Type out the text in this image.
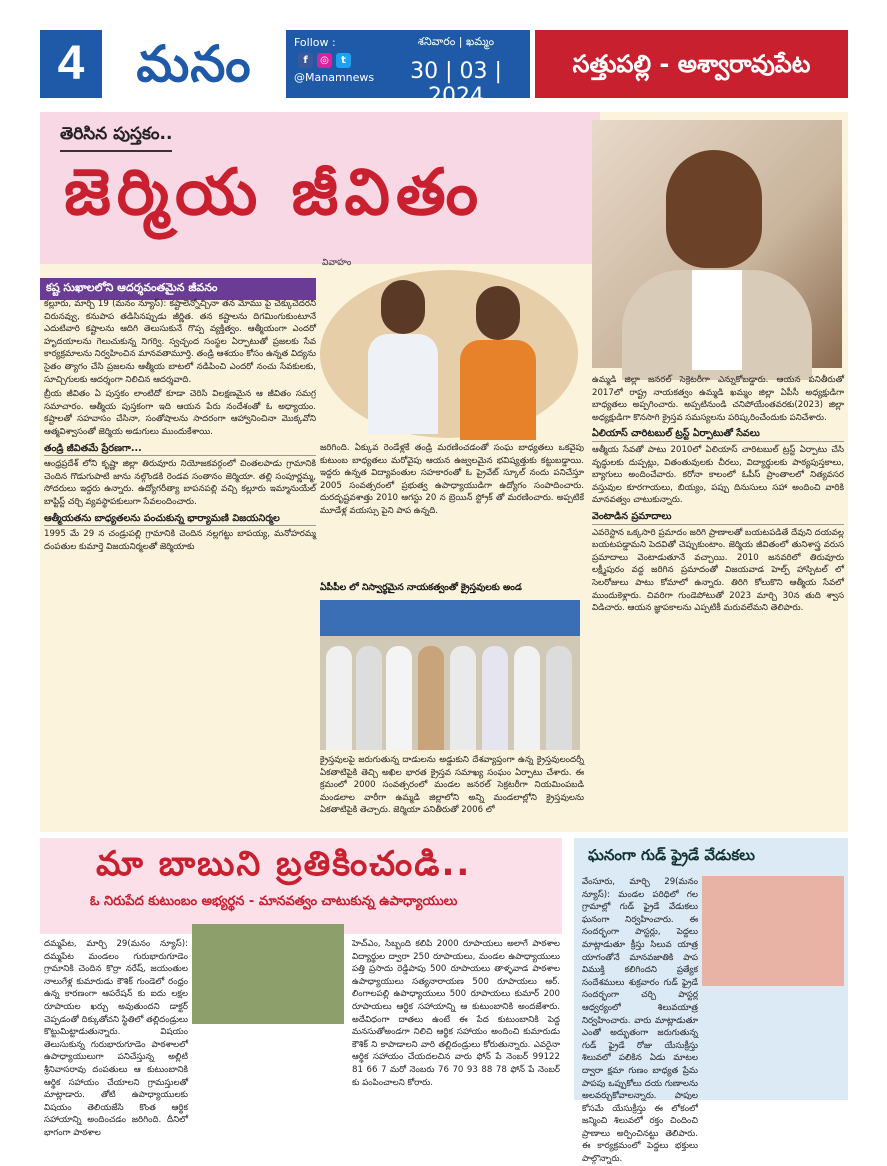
4	మనం	Follow :
f	◎	t
@Manamnews
శనివారం | ఖమ్మం
30 | 03 | 2024
సత్తుపల్లి - అశ్వారావుపేట
తెరిసిన పుస్తకం..
జెర్మియ జీవితం
వివాహం
కష్ట సుఖాలలోని ఆదర్శవంతమైన జీవనం

కల్లూరు, మార్చి 19 (మనం న్యూస్): కష్టాలెన్నోచ్చినా తన మోము పై చెక్కుచెదరని చిరునవ్వు, కనుపాప తడిసినప్పుడు జీర్ణిత. తన కష్టాలను దిగమింగుకుంటూనే ఎదుటివారి కష్టాలను ఆదిగి తెలుసుకునే గొప్ప వ్యక్తిత్వం. ఆత్మీయంగా ఎందరో హృదయాలను గెలుచుకున్న నిగర్వి. స్వచ్ఛంద సంస్థల ఏర్పాటుతో ప్రజలకు సేవ కార్యక్రమాలను నిర్వహించిన మానవతామూర్తి. తండ్రి ఆశయం కోసం ఉన్నత విద్యను సైతం త్యాగం చేసి ప్రజలను ఆత్మీయ బాటలో నడిపించి ఎందరో నంచు సేవకులకు, సూచ్చిగులకు ఆదర్శంగా నిలిచిన ఆదర్శవాది.

బ్రీయ జీవితం ఏ పుస్తకం లాంటిదో కూడా చెరిసి విలక్షణమైన ఆ జీవితం సమగ్ర సమాచారం. ఆత్మీయ పుస్తకంగా ఇది ఆయన పేరు నందేశంతో ఓ అధ్యాయం. కష్టాలతో సహవాసం చేసినా, సంతోషాలను సాదరంగా ఆహ్వానించినా మొక్కవోని ఆత్మవిశ్వాసంతో జెర్మియ అడుగులు ముందుకేశాయి.

తండ్రి జీవితమే ప్రేరణగా...

ఆంధ్రప్రదేశ్ లోని కృష్ణా జిల్లా తిరువూరు నియోజకవర్గంలో చింతలపాడు గ్రామానికి చెందిన గొడుగుపాటి జాను నల్గొండకి రెండవ సంతానం జెర్మియా. తల్లి సంపూర్ణమ్మ, సోదరులు ఇద్దరు ఉన్నారు. ఉద్యోగరీత్యా బాపనపల్లి వచ్చి కల్లూరు ఇమ్మానుయేల్ బాప్టిస్ట్ చర్చి వ్యవస్థాపకులుగా సేవలందించారు.

ఆత్మీయతను బాధ్యతలను పంచుకున్న భార్యామణి విజయనిర్మల

1995 మే 29 న చండ్రుపల్లి గ్రామానికి చెందిన నల్లగట్టు బాపయ్య, మనోహరమ్మ దంపతుల కుమార్తె విజయనిర్మలతో జెర్మియాకు

జరిగింది. ఏక్కువ రెండేళ్లకే తండ్రి మరణించడంతో సంఘ బాధ్యతలు ఒకవైపు కుటుంబ బాధ్యతలు మరోవైపు ఆయన ఉజ్వలమైన భవిష్యత్తుకు కట్టుబడ్డాయి. ఇద్దరు ఉన్నత విద్యావంతుల సహకారంతో ఓ ప్రైవేట్ స్కూల్ నందు పనిచేస్తూ 2005 సంవత్సరంలో ప్రభుత్వ ఉపాధ్యాయుడిగా ఉద్యోగం సంపాదించారు. దురదృష్టవశాత్తు 2010 ఆగస్టు 20 న బ్రెయిన్ స్ట్రోక్ తో మరణించారు. అప్పటికే మూడేళ్ల వయస్సు పైని పాప ఉన్నది.

ఏపీపీల లో నిస్వార్థమైన నాయకత్వంతో క్రైస్తవులకు అండ

క్రైస్తవులపై జరుగుతున్న దాడులను అడ్డుకుని దేశవ్యాప్తంగా ఉన్న క్రైస్తవులందర్నీ ఏకతాటిపైకి తెచ్చి అఖిల భారత క్రైస్తవ సమాఖ్య సంఘం ఏర్పాటు చేశారు. ఈ క్రమంలో 2000 సంవత్సరంలో మండల జనరల్ సెక్రటరీగా నియమింపబడి మండలాల వారీగా ఉమ్మడి జిల్లాలోని అన్ని మండలాల్లోని క్రైస్తవులను ఏకతాటిపైకి తెచ్చారు. జెర్మియా పనితీరుతో 2006 లో

ఉమ్మడి జిల్లా జనరల్ సెక్రెటరీగా ఎన్నుకోబడ్డారు. ఆయన పనితీరుతో 2017లో రాష్ట్ర నాయకత్వం ఉమ్మడి ఖమ్మం జిల్లా ఏపీసీ అధ్యక్షుడిగా బాధ్యతలు అప్పగించారు. అప్పటినుండి చనిపోయేంతవరకు(2023) జిల్లా అధ్యక్షుడిగా కొనసాగి క్రైస్తవ సమస్యలను పరిష్కరించేందుకు పనిచేశారు.

ఏలియాస్ చారిటబుల్ ట్రస్ట్ ఏర్పాటుతో సేవలు

ఆత్మీయ సేవతో పాటు 2010లో ఏలియాస్ చారిటబుల్ ట్రస్ట్ ఏర్పాటు చేసి వృద్ధులకు దుప్పట్లు, వితంతువులకు చీరలు, విద్యార్థులకు పాఠ్యపుస్తకాలు, బ్యాగులు అందించేవారు. కరోనా కాలంలో ఓపీస్ ప్రాంతాలలో నిత్యవసర వస్తువుల కూరగాయలు, బియ్యం, పప్పు దినుసులు సహా అందించి వారికి మానవత్వం చాటుకున్నారు.

వెంటాడిన ప్రమాదాలు

ఎవరెస్టాన ఒక్కసారి ప్రమాదం జరిగి ప్రాణాలతో బయటపడితే దేవుని దయవల్ల బయటపడ్డామని పెదవితో చెప్పుకుంటాం. జెర్మియ జీవితంలో తునిశాస్త్ర వరుస ప్రమాదాలు వెంటాడుతూనే వచ్చాయి. 2010 జనవరిలో తిరువూరు లక్ష్మీపురం వద్ద జరిగిన ప్రమాదంతో విజయవాడ హెల్ప్ హాస్పిటల్ లో సెలరోజులు పాటు కోమాలో ఉన్నారు. తిరిగి కోలుకొని ఆత్మీయ సేవలో ముందుకెళ్లారు. చివరిగా గుండెపోటుతో 2023 మార్చి 30న తుది శ్వాస విడిచారు. ఆయన జ్ఞాపకాలను ఎప్పటికీ మరువలేమని తెలిపారు.

మా బాబుని బ్రతికించండి..
ఓ నిరుపేద కుటుంబం అభ్యర్థన - మానవత్వం చాటుకున్న ఉపాధ్యాయులు

దమ్మపేట, మార్చి 29(మనం న్యూస్): దమ్మపేట మండలం గురుభారుగూడెం గ్రామానికి చెందిన కొర్రా నరేష్, జయంతుల నాలుగేళ్ల కుమారుడు కౌశిక్ గుండెలో రంధ్రం ఉన్న కారణంగా ఆపరేషన్ కు ఐదు లక్షల రూపాయల ఖర్చు అవుతుందని డాక్టర్ చెప్పడంతో దిక్కుతోచని స్థితిలో తల్లిదండ్రులు కొట్టుమిట్టాడుతున్నారు. విషయం తెలుసుకున్న గురుభారుగూడెం పాఠశాలలో ఉపాధ్యాయులుగా పనిచేస్తున్న అల్లిటి శ్రీనివాసరావు దంపతులు ఆ కుటుంబానికి ఆర్థిక సహాయం చేయాలని గ్రామస్తులతో మాట్లాడారు. తోటి ఉపాధ్యాయులకు విషయం తెలియజేసి కొంత ఆర్థిక సహాయాన్ని అందించడం జరిగింది. దీనిలో భాగంగా పాఠశాల

హెచ్ఎం, సిబ్బంది కలిపి 2000 రూపాయలు అలాగే పాఠశాల విద్యార్థుల ద్వారా 250 రూపాయలు, మండల ఉపాధ్యాయులు పత్తి ప్రసాదు రెడ్డిపాపు 500 రూపాయలు తాళ్ళవాడ పాఠశాల ఉపాధ్యాయులు సత్యనారాయణ 500 రూపాయలు ఆర్. లింగాలపల్లి ఉపాధ్యాయులు 500 రూపాయలు కుమార్ 200 రూపాయలు ఆర్థిక సహాయాన్ని ఆ కుటుంబానికి అందజేశారు. అదేవిధంగా దాతలు ఉంటే ఈ పేద కుటుంబానికి పెద్ద మనసుతోఅండగా నిలిచి ఆర్థిక సహాయం అందించి కుమారుడు కౌశిక్ ని కాపాడాలని వారి తల్లిదండ్రులు కోరుతున్నారు. ఎవరైనా ఆర్థిక సహాయం చేయదలచిన వారు ఫోన్ పే నెంబర్ 99122 81 66 7 మరో నెంబరు 76 70 93 88 78 ఫోన్ పే నెంబర్ కు పంపించాలని కోరారు.

ఘనంగా గుడ్ ఫ్రైడే వేడుకలు

వేంసూరు, మార్చి 29(మనం న్యూస్): మండల పరిధిలో గల గ్రామాల్లో గుడ్ ఫ్రైడే వేడుకలు ఘనంగా నిర్వహించారు. ఈ సందర్భంగా పాస్టర్లు, పెద్దలు మాట్లాడుతూ క్రీస్తు సిలువ యాత్ర యాగంతోనే మానవజాతికి పాప విముక్తి కలిగిందని ప్రత్యేక సందేశములు శుక్రవారం గుడ్ ఫ్రైడే సందర్భంగా చర్చి పాస్టర్ల ఆధ్వర్యంలో శిలువయాత్ర నిర్వహించారు. వారు మాట్లాడుతూ ఎంతో అద్భుతంగా జరుగుతున్న గుడ్ ఫ్రైడే రోజు యేసుక్రీస్తు శిలువలో పలికిన ఏడు మాటల ద్వారా క్షమా గుణం బాధ్యత ప్రేమ పాపపు ఒప్పుకోలు దయ గుణాలను అలవర్చుకోవాలన్నారు. పాపుల కోసమే యేసుక్రీస్తు ఈ లోకంలో జన్మించి శిలువలో రక్తం చిందించి ప్రాణాలు అర్పించినట్టు తెలిపారు. ఈ కార్యక్రమంలో పెద్దలు భక్తులు పాల్గొన్నారు.
